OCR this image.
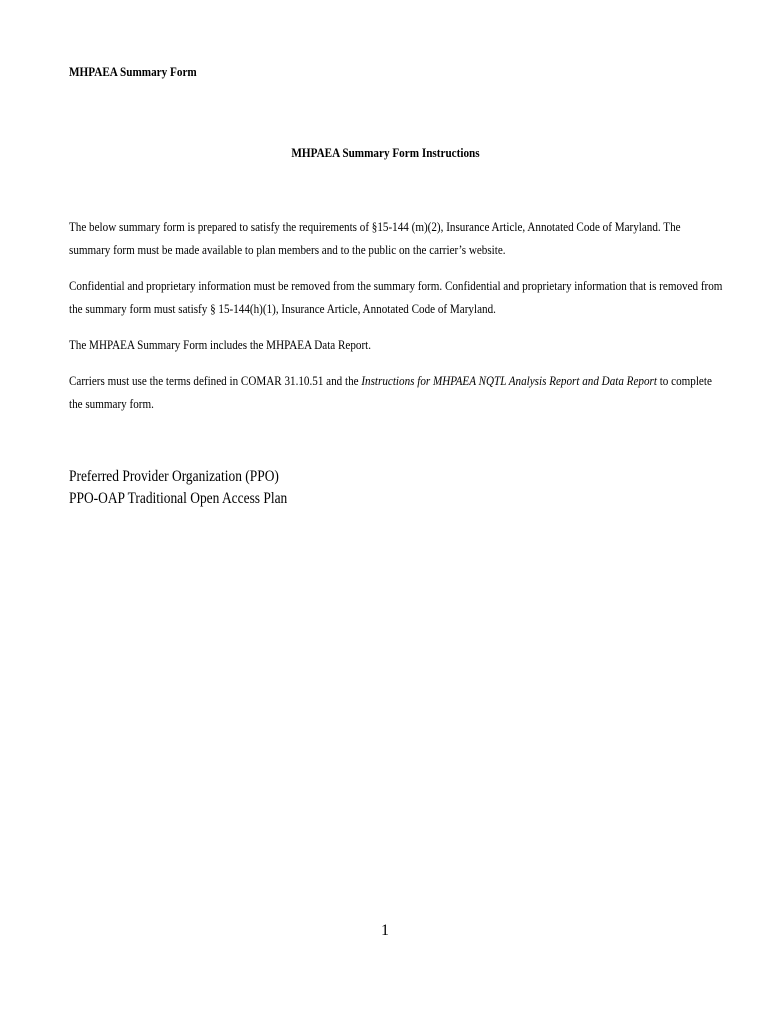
MHPAEA Summary Form
MHPAEA Summary Form Instructions

The below summary form is prepared to satisfy the requirements of §15-144 (m)(2), Insurance Article, Annotated Code of Maryland. The

summary form must be made available to plan members and to the public on the carrier’s website.

Confidential and proprietary information must be removed from the summary form. Confidential and proprietary information that is removed from

the summary form must satisfy § 15-144(h)(1), Insurance Article, Annotated Code of Maryland.

The MHPAEA Summary Form includes the MHPAEA Data Report.

Carriers must use the terms defined in COMAR 31.10.51 and the Instructions for MHPAEA NQTL Analysis Report and Data Report to complete

the summary form.

Preferred Provider Organization (PPO)
PPO-OAP Traditional Open Access Plan
1
